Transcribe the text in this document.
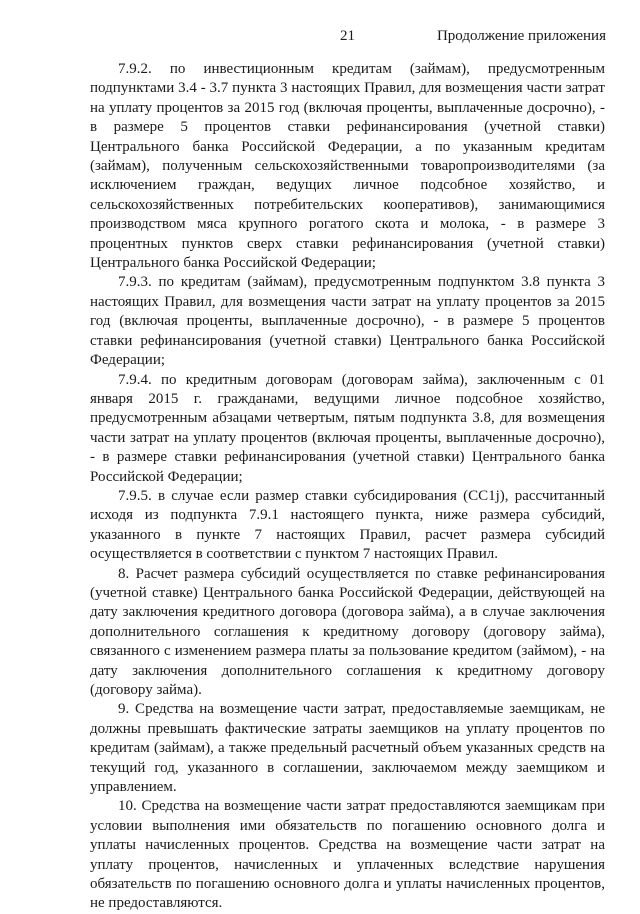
21	Продолжение приложения

7.9.2. по инвестиционным кредитам (займам), предусмотренным подпунктами 3.4 - 3.7 пункта 3 настоящих Правил, для возмещения части затрат на уплату процентов за 2015 год (включая проценты, выплаченные досрочно), - в размере 5 процентов ставки рефинансирования (учетной ставки) Центрального банка Российской Федерации, а по указанным кредитам (займам), полученным сельскохозяйственными товаропроизводителями (за исключением граждан, ведущих личное подсобное хозяйство, и сельскохозяйственных потребительских кооперативов), занимающимися производством мяса крупного рогатого скота и молока, - в размере 3 процентных пунктов сверх ставки рефинансирования (учетной ставки) Центрального банка Российской Федерации;

7.9.3. по кредитам (займам), предусмотренным подпунктом 3.8 пункта 3 настоящих Правил, для возмещения части затрат на уплату процентов за 2015 год (включая проценты, выплаченные досрочно), - в размере 5 процентов ставки рефинансирования (учетной ставки) Центрального банка Российской Федерации;

7.9.4. по кредитным договорам (договорам займа), заключенным с 01 января 2015 г. гражданами, ведущими личное подсобное хозяйство, предусмотренным абзацами четвертым, пятым подпункта 3.8, для возмещения части затрат на уплату процентов (включая проценты, выплаченные досрочно), - в размере ставки рефинансирования (учетной ставки) Центрального банка Российской Федерации;

7.9.5. в случае если размер ставки субсидирования (СС1j), рассчитанный исходя из подпункта 7.9.1 настоящего пункта, ниже размера субсидий, указанного в пункте 7 настоящих Правил, расчет размера субсидий осуществляется в соответствии с пунктом 7 настоящих Правил.

8. Расчет размера субсидий осуществляется по ставке рефинансирования (учетной ставке) Центрального банка Российской Федерации, действующей на дату заключения кредитного договора (договора займа), а в случае заключения дополнительного соглашения к кредитному договору (договору займа), связанного с изменением размера платы за пользование кредитом (займом), - на дату заключения дополнительного соглашения к кредитному договору (договору займа).

9. Средства на возмещение части затрат, предоставляемые заемщикам, не должны превышать фактические затраты заемщиков на уплату процентов по кредитам (займам), а также предельный расчетный объем указанных средств на текущий год, указанного в соглашении, заключаемом между заемщиком и управлением.

10. Средства на возмещение части затрат предоставляются заемщикам при условии выполнения ими обязательств по погашению основного долга и уплаты начисленных процентов. Средства на возмещение части затрат на уплату процентов, начисленных и уплаченных вследствие нарушения обязательств по погашению основного долга и уплаты начисленных процентов, не предоставляются.
